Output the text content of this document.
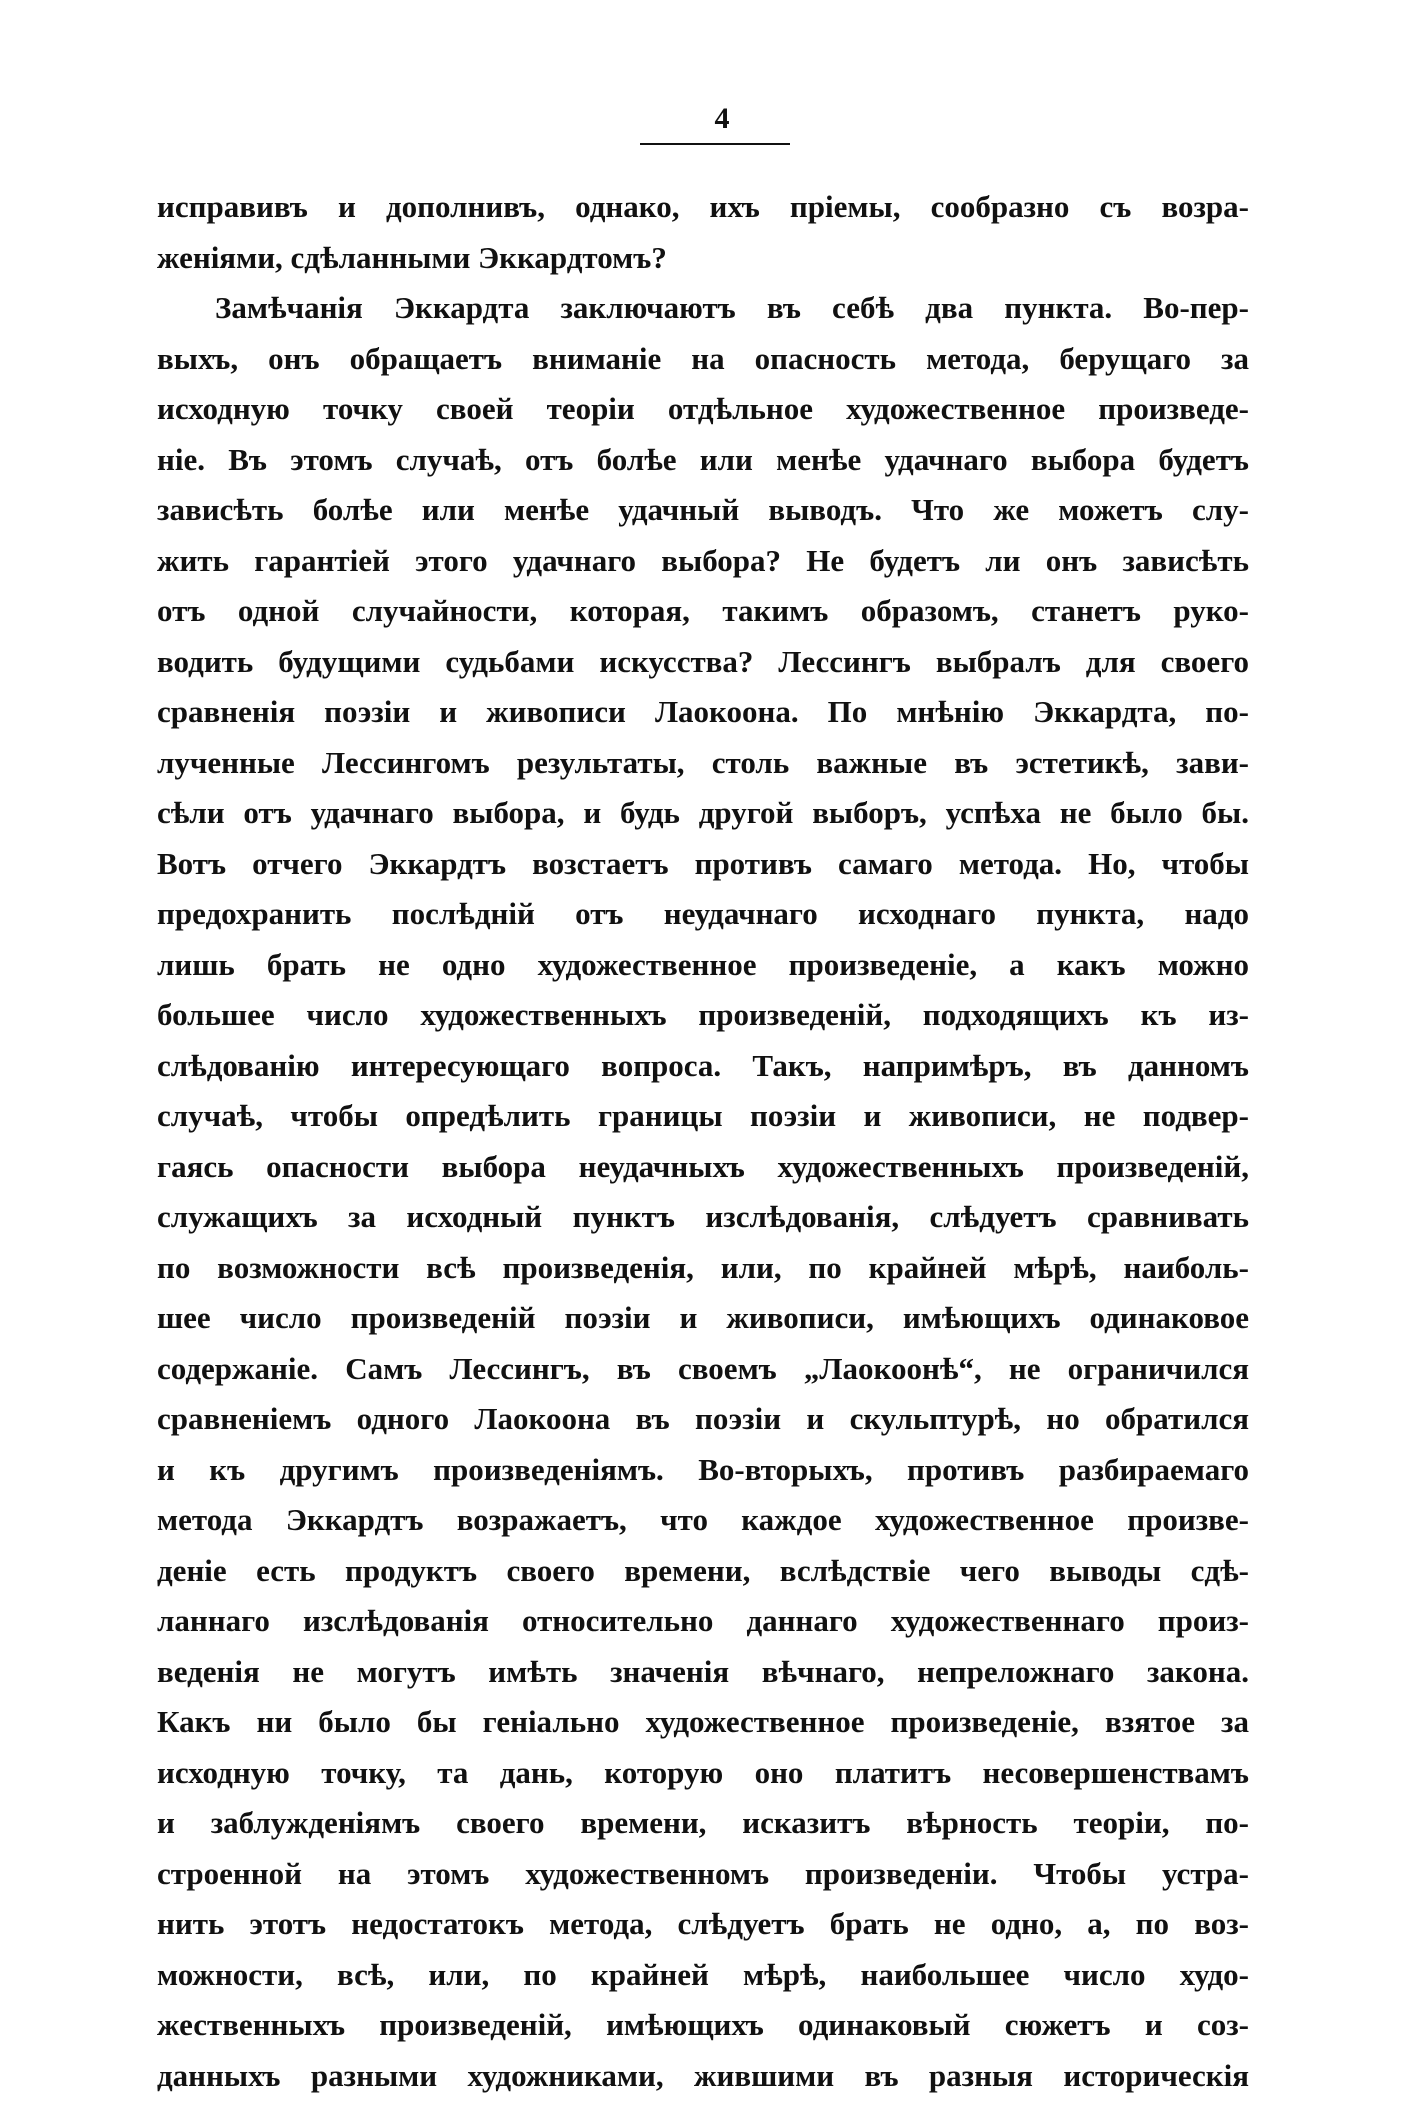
4
исправивъ и дополнивъ, однако, ихъ пріемы, сообразно съ возра-
женіями, сдѣланными Эккардтомъ?
Замѣчанія Эккардта заключаютъ въ себѣ два пункта. Во-пер-
выхъ, онъ обращаетъ вниманіе на опасность метода, берущаго за
исходную точку своей теоріи отдѣльное художественное произведе-
ніе. Въ этомъ случаѣ, отъ болѣе или менѣе удачнаго выбора будетъ
зависѣть болѣе или менѣе удачный выводъ. Что же можетъ слу-
жить гарантіей этого удачнаго выбора? Не будетъ ли онъ зависѣть
отъ одной случайности, которая, такимъ образомъ, станетъ руко-
водить будущими судьбами искусства? Лессингъ выбралъ для своего
сравненія поэзіи и живописи Лаокоона. По мнѣнію Эккардта, по-
лученные Лессингомъ результаты, столь важные въ эстетикѣ, зави-
сѣли отъ удачнаго выбора, и будь другой выборъ, успѣха не было бы.
Вотъ отчего Эккардтъ возстаетъ противъ самаго метода. Но, чтобы
предохранить послѣдній отъ неудачнаго исходнаго пункта, надо
лишь брать не одно художественное произведеніе, а какъ можно
большее число художественныхъ произведеній, подходящихъ къ из-
слѣдованію интересующаго вопроса. Такъ, напримѣръ, въ данномъ
случаѣ, чтобы опредѣлить границы поэзіи и живописи, не подвер-
гаясь опасности выбора неудачныхъ художественныхъ произведеній,
служащихъ за исходный пунктъ изслѣдованія, слѣдуетъ сравнивать
по возможности всѣ произведенія, или, по крайней мѣрѣ, наиболь-
шее число произведеній поэзіи и живописи, имѣющихъ одинаковое
содержаніе. Самъ Лессингъ, въ своемъ „Лаокоонѣ“, не ограничился
сравненіемъ одного Лаокоона въ поэзіи и скульптурѣ, но обратился
и къ другимъ произведеніямъ. Во-вторыхъ, противъ разбираемаго
метода Эккардтъ возражаетъ, что каждое художественное произве-
деніе есть продуктъ своего времени, вслѣдствіе чего выводы сдѣ-
ланнаго изслѣдованія относительно даннаго художественнаго произ-
веденія не могутъ имѣть значенія вѣчнаго, непреложнаго закона.
Какъ ни было бы геніально художественное произведеніе, взятое за
исходную точку, та дань, которую оно платитъ несовершенствамъ
и заблужденіямъ своего времени, исказитъ вѣрность теоріи, по-
строенной на этомъ художественномъ произведеніи. Чтобы устра-
нить этотъ недостатокъ метода, слѣдуетъ брать не одно, а, по воз-
можности, всѣ, или, по крайней мѣрѣ, наибольшее число худо-
жественныхъ произведеній, имѣющихъ одинаковый сюжетъ и соз-
данныхъ разными художниками, жившими въ разныя историческія
